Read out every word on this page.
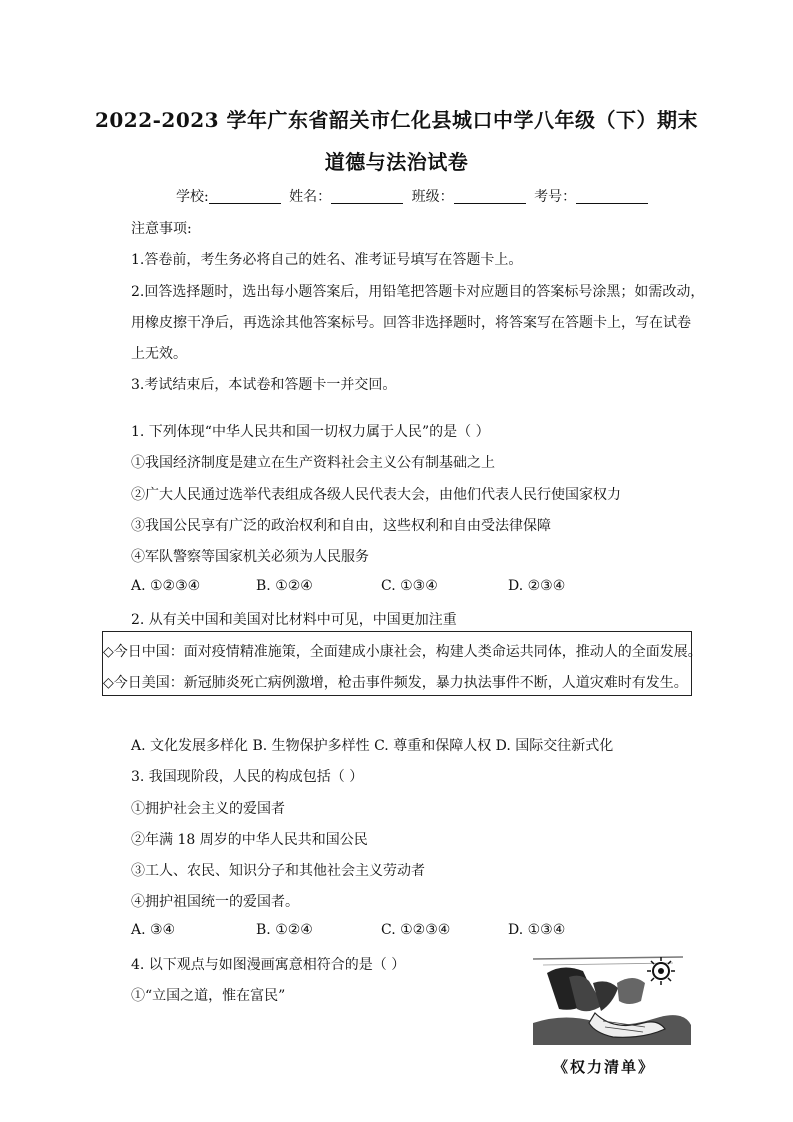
2022-2023 学年广东省韶关市仁化县城口中学八年级（下）期末
道德与法治试卷
学校:	姓名：	班级：	考号：
注意事项:
1.答卷前，考生务必将自己的姓名、准考证号填写在答题卡上。
2.回答选择题时，选出每小题答案后，用铅笔把答题卡对应题目的答案标号涂黑；如需改动，
用橡皮擦干净后，再选涂其他答案标号。回答非选择题时，将答案写在答题卡上，写在试卷
上无效。
3.考试结束后，本试卷和答题卡一并交回。
1. 下列体现“中华人民共和国一切权力属于人民”的是（ ）
①我国经济制度是建立在生产资料社会主义公有制基础之上
②广大人民通过选举代表组成各级人民代表大会，由他们代表人民行使国家权力
③我国公民享有广泛的政治权利和自由，这些权利和自由受法律保障
④军队警察等国家机关必须为人民服务
A. ①②③④	B. ①②④	C. ①③④	D. ②③④
2. 从有关中国和美国对比材料中可见，中国更加注重
◇今日中国：面对疫情精准施策，全面建成小康社会，构建人类命运共同体，推动人的全面发展。
◇今日美国：新冠肺炎死亡病例激增，枪击事件频发，暴力执法事件不断，人道灾难时有发生。
A. 文化发展多样化 B. 生物保护多样性 C. 尊重和保障人权 D. 国际交往新式化
3. 我国现阶段，人民的构成包括（ ）
①拥护社会主义的爱国者
②年满 18 周岁的中华人民共和国公民
③工人、农民、知识分子和其他社会主义劳动者
④拥护祖国统一的爱国者。
A. ③④	B. ①②④	C. ①②③④	D. ①③④
4. 以下观点与如图漫画寓意相符合的是（ ）
①“立国之道，惟在富民”
《权力清单》
